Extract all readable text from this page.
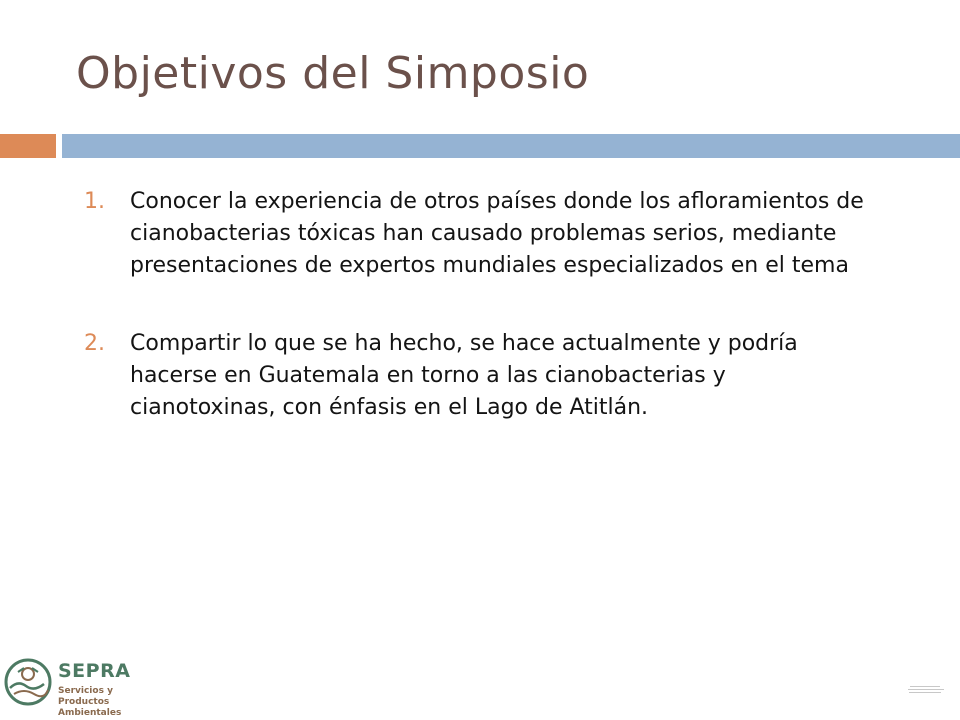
Objetivos del Simposio
1. Conocer la experiencia de otros países donde los afloramientos de cianobacterias tóxicas han causado problemas serios, mediante presentaciones de expertos mundiales especializados en el tema
2. Compartir lo que se ha hecho, se hace actualmente y podría hacerse en Guatemala en torno a las cianobacterias y cianotoxinas, con énfasis en el Lago de Atitlán.
SEPRA
Servicios y Productos Ambientales
